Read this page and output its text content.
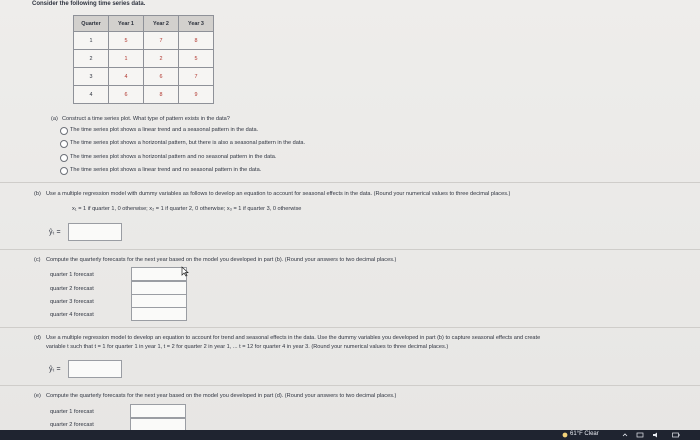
Consider the following time series data.
Quarter	Year 1	Year 2	Year 3
1	5	7	8
2	1	2	5
3	4	6	7
4	6	8	9
(a) Construct a time series plot. What type of pattern exists in the data?
The time series plot shows a linear trend and a seasonal pattern in the data.
The time series plot shows a horizontal pattern, but there is also a seasonal pattern in the data.
The time series plot shows a horizontal pattern and no seasonal pattern in the data.
The time series plot shows a linear trend and no seasonal pattern in the data.
(b) Use a multiple regression model with dummy variables as follows to develop an equation to account for seasonal effects in the data. (Round your numerical values to three decimal places.)
x₁ = 1 if quarter 1, 0 otherwise; x₂ = 1 if quarter 2, 0 otherwise; x₃ = 1 if quarter 3, 0 otherwise
ŷₜ =
(c) Compute the quarterly forecasts for the next year based on the model you developed in part (b). (Round your answers to two decimal places.)
quarter 1 forecast
quarter 2 forecast
quarter 3 forecast
quarter 4 forecast
(d) Use a multiple regression model to develop an equation to account for trend and seasonal effects in the data. Use the dummy variables you developed in part (b) to capture seasonal effects and create
variable t such that t = 1 for quarter 1 in year 1, t = 2 for quarter 2 in year 1, ... t = 12 for quarter 4 in year 3. (Round your numerical values to three decimal places.)
ŷₜ =
(e) Compute the quarterly forecasts for the next year based on the model you developed in part (d). (Round your answers to two decimal places.)
quarter 1 forecast
quarter 2 forecast
61°F Clear
